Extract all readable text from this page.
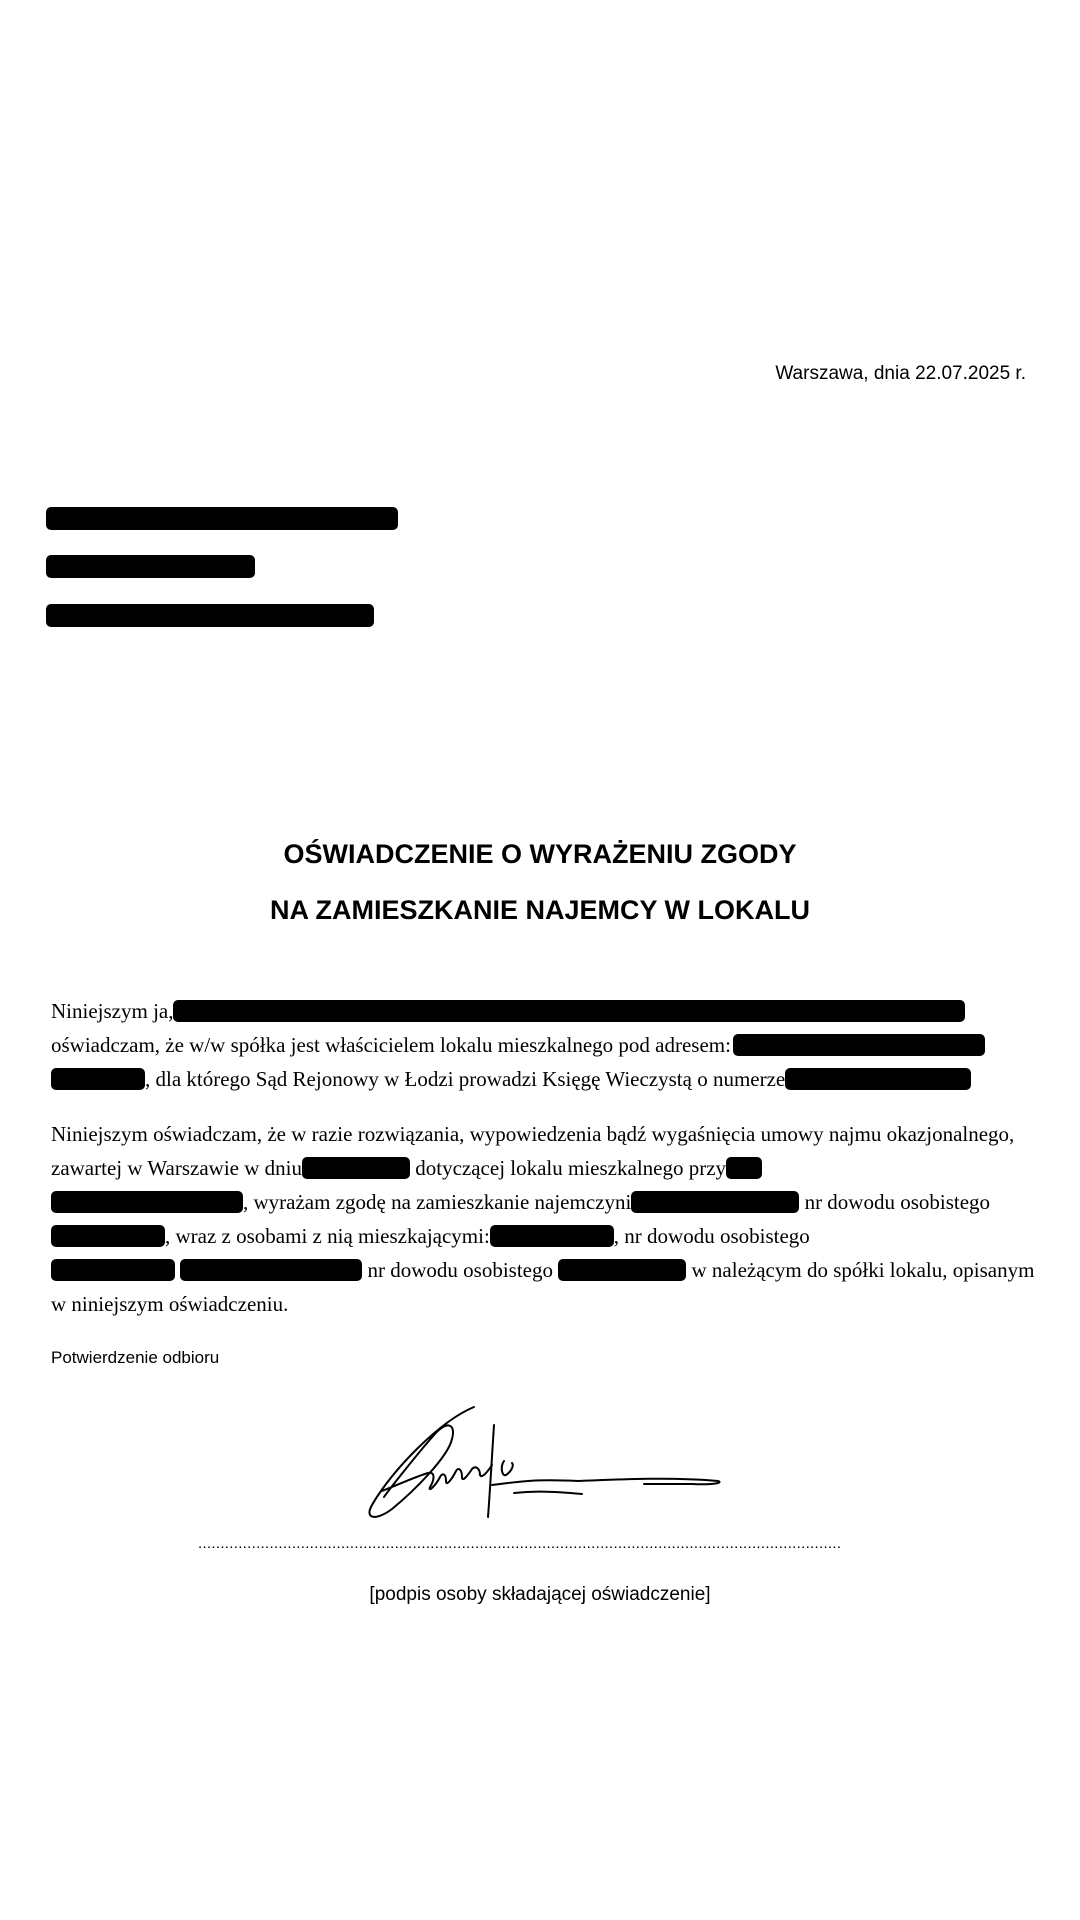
Warszawa, dnia 22.07.2025 r.
OŚWIADCZENIE O WYRAŻENIU ZGODY
NA ZAMIESZKANIE NAJEMCY W LOKALU

Niniejszym ja,
oświadczam, że w/w spółka jest właścicielem lokalu mieszkalnego pod adresem:
, dla którego Sąd Rejonowy w Łodzi prowadzi Księgę Wieczystą o numerze

Niniejszym oświadczam, że w razie rozwiązania, wypowiedzenia bądź wygaśnięcia umowy najmu okazjonalnego, zawartej w Warszawie w dniu	dotyczącej lokalu mieszkalnego przy
, wyrażam zgodę na zamieszkanie najemczyni	nr dowodu osobistego, wraz z osobami z nią mieszkającymi:	, nr dowodu osobistego
nr dowodu osobistego	w należącym do spółki lokalu, opisanym w niniejszym oświadczeniu.

Potwierdzenie odbioru
................................................................................................................................................
[podpis osoby składającej oświadczenie]
